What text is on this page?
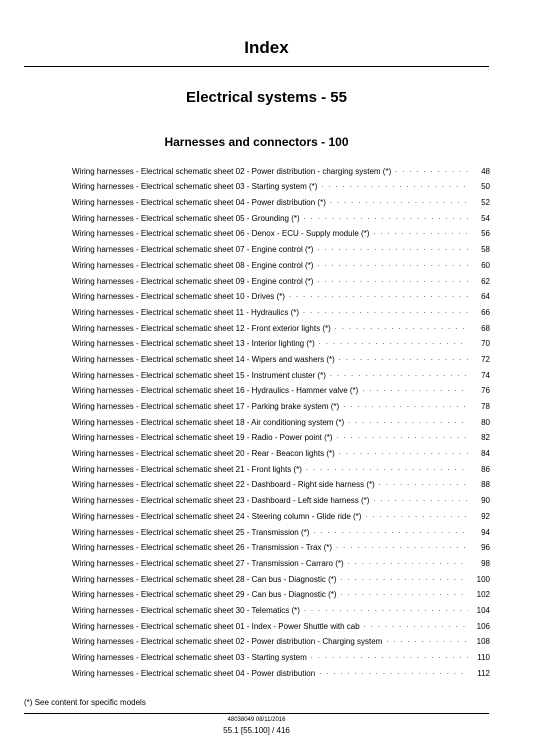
Index
Electrical systems - 55
Harnesses and connectors - 100
Wiring harnesses - Electrical schematic sheet 02 - Power distribution - charging system (*) . . .	48
Wiring harnesses - Electrical schematic sheet 03 - Starting system (*) . . .	50
Wiring harnesses - Electrical schematic sheet 04 - Power distribution (*) . . .	52
Wiring harnesses - Electrical schematic sheet 05 - Grounding (*) . . .	54
Wiring harnesses - Electrical schematic sheet 06 - Denox - ECU - Supply module (*) . . .	56
Wiring harnesses - Electrical schematic sheet 07 - Engine control (*) . . .	58
Wiring harnesses - Electrical schematic sheet 08 - Engine control (*) . . .	60
Wiring harnesses - Electrical schematic sheet 09 - Engine control (*) . . .	62
Wiring harnesses - Electrical schematic sheet 10 - Drives (*) . . .	64
Wiring harnesses - Electrical schematic sheet 11 - Hydraulics (*) . . .	66
Wiring harnesses - Electrical schematic sheet 12 - Front exterior lights (*) . . .	68
Wiring harnesses - Electrical schematic sheet 13 - Interior lighting (*) . . .	70
Wiring harnesses - Electrical schematic sheet 14 - Wipers and washers (*) . . .	72
Wiring harnesses - Electrical schematic sheet 15 - Instrument cluster (*) . . .	74
Wiring harnesses - Electrical schematic sheet 16 - Hydraulics - Hammer valve (*) . . .	76
Wiring harnesses - Electrical schematic sheet 17 - Parking brake system (*) . . .	78
Wiring harnesses - Electrical schematic sheet 18 - Air conditioning system (*) . . .	80
Wiring harnesses - Electrical schematic sheet 19 - Radio - Power point (*) . . .	82
Wiring harnesses - Electrical schematic sheet 20 - Rear - Beacon lights (*) . . .	84
Wiring harnesses - Electrical schematic sheet 21 - Front lights (*) . . .	86
Wiring harnesses - Electrical schematic sheet 22 - Dashboard - Right side harness (*) . . .	88
Wiring harnesses - Electrical schematic sheet 23 - Dashboard - Left side harness (*) . . .	90
Wiring harnesses - Electrical schematic sheet 24 - Steering column - Glide ride (*) . . .	92
Wiring harnesses - Electrical schematic sheet 25 - Transmission (*) . . .	94
Wiring harnesses - Electrical schematic sheet 26 - Transmission - Trax (*) . . .	96
Wiring harnesses - Electrical schematic sheet 27 - Transmission - Carraro (*) . . .	98
Wiring harnesses - Electrical schematic sheet 28 - Can bus - Diagnostic (*) . . .	100
Wiring harnesses - Electrical schematic sheet 29 - Can bus - Diagnostic (*) . . .	102
Wiring harnesses - Electrical schematic sheet 30 - Telematics (*) . . .	104
Wiring harnesses - Electrical schematic sheet 01 - Index - Power Shuttle with cab . . .	106
Wiring harnesses - Electrical schematic sheet 02 - Power distribution - Charging system . . .	108
Wiring harnesses - Electrical schematic sheet 03 - Starting system . . .	110
Wiring harnesses - Electrical schematic sheet 04 - Power distribution . . .	112
(*) See content for specific models
48038049 08/11/2016
55.1 [55.100] / 416
